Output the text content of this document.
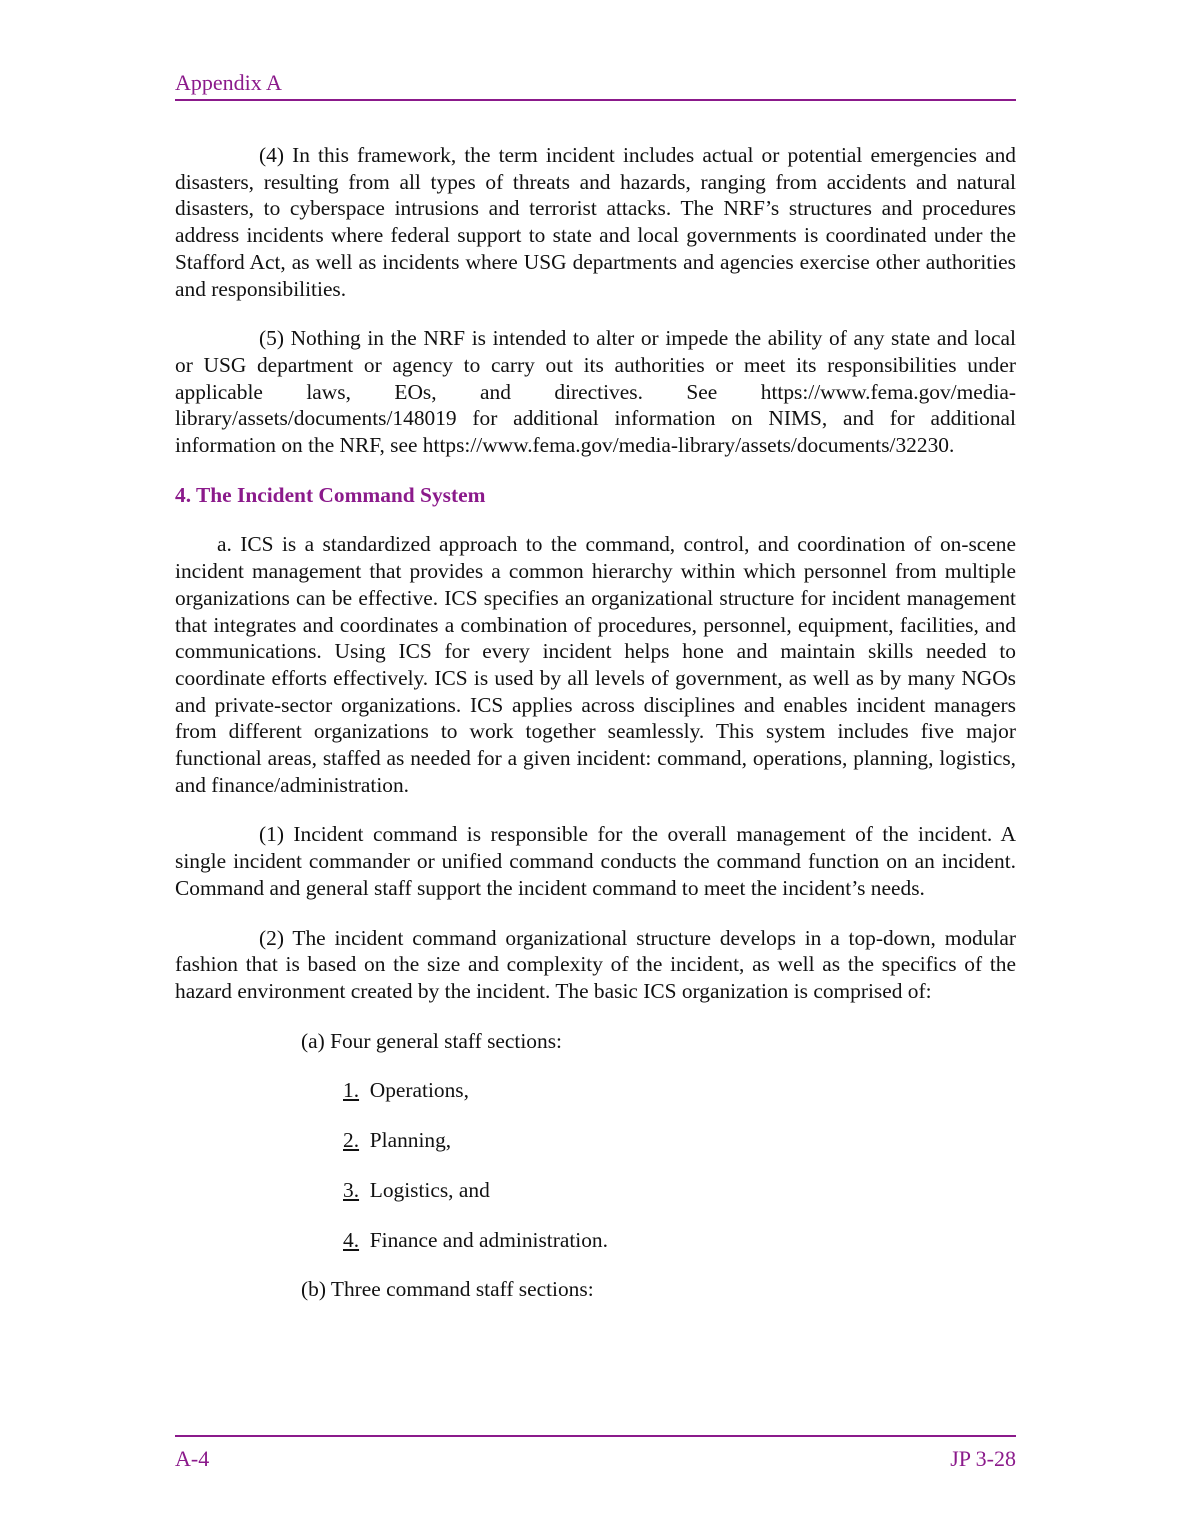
Appendix A

(4) In this framework, the term incident includes actual or potential emergencies and disasters, resulting from all types of threats and hazards, ranging from accidents and natural disasters, to cyberspace intrusions and terrorist attacks. The NRF’s structures and procedures address incidents where federal support to state and local governments is coordinated under the Stafford Act, as well as incidents where USG departments and agencies exercise other authorities and responsibilities.

(5) Nothing in the NRF is intended to alter or impede the ability of any state and local or USG department or agency to carry out its authorities or meet its responsibilities under applicable laws, EOs, and directives. See https://www.fema.gov/media-library/assets/documents/148019 for additional information on NIMS, and for additional information on the NRF, see https://www.fema.gov/media-library/assets/documents/32230.

4. The Incident Command System

a. ICS is a standardized approach to the command, control, and coordination of on-scene incident management that provides a common hierarchy within which personnel from multiple organizations can be effective. ICS specifies an organizational structure for incident management that integrates and coordinates a combination of procedures, personnel, equipment, facilities, and communications. Using ICS for every incident helps hone and maintain skills needed to coordinate efforts effectively. ICS is used by all levels of government, as well as by many NGOs and private-sector organizations. ICS applies across disciplines and enables incident managers from different organizations to work together seamlessly. This system includes five major functional areas, staffed as needed for a given incident: command, operations, planning, logistics, and finance/administration.

(1) Incident command is responsible for the overall management of the incident. A single incident commander or unified command conducts the command function on an incident. Command and general staff support the incident command to meet the incident’s needs.

(2) The incident command organizational structure develops in a top-down, modular fashion that is based on the size and complexity of the incident, as well as the specifics of the hazard environment created by the incident. The basic ICS organization is comprised of:

(a) Four general staff sections:

1. Operations,

2. Planning,

3. Logistics, and

4. Finance and administration.

(b) Three command staff sections:

A-4	JP 3-28
